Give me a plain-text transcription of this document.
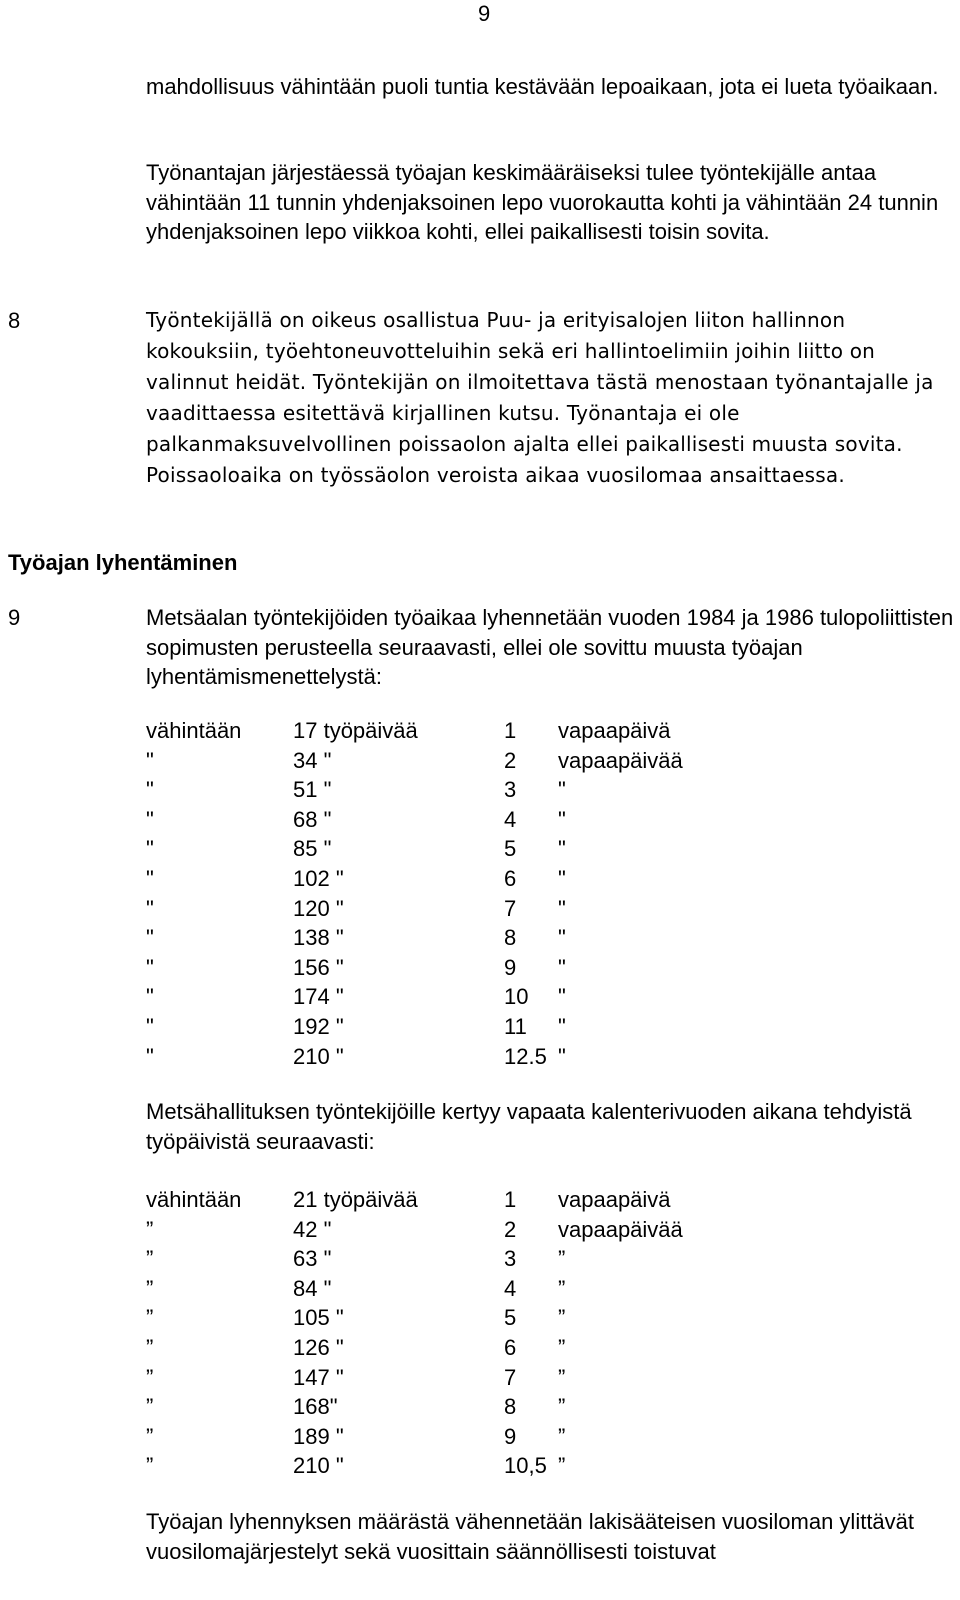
9

mahdollisuus vähintään puoli tuntia kestävään lepoaikaan, jota ei lueta työaikaan.

Työnantajan järjestäessä työajan keskimääräiseksi tulee työntekijälle antaa vähintään 11 tunnin yhdenjaksoinen lepo vuorokautta kohti ja vähintään 24 tunnin yhdenjaksoinen lepo viikkoa kohti, ellei paikallisesti toisin sovita.

8	Työntekijällä on oikeus osallistua Puu- ja erityisalojen liiton hallinnon kokouksiin, työehtoneuvotteluihin sekä eri hallintoelimiin joihin liitto on valinnut heidät. Työntekijän on ilmoitettava tästä menostaan työnantajalle ja vaadittaessa esitettävä kirjallinen kutsu. Työnantaja ei ole palkanmaksuvelvollinen poissaolon ajalta ellei paikallisesti muusta sovita. Poissaoloaika on työssäolon veroista aikaa vuosilomaa ansaittaessa.

Työajan lyhentäminen
9	Metsäalan työntekijöiden työaikaa lyhennetään vuoden 1984 ja 1986 tulopoliittisten sopimusten perusteella seuraavasti, ellei ole sovittu muusta työajan lyhentämismenettelystä:

vähintään 17 työpäivää	1 vapaapäivä
"	34 "	2 vapaapäivää
"	51 "	3 "
"	68 "	4 "
"	85 "	5 "
"	102 "	6 "
"	120 "	7 "
"	138 "	8 "
"	156 "	9 "
"	174 "	10 "
"	192 "	11 "
"	210 "	12.5 "

Metsähallituksen työntekijöille kertyy vapaata kalenterivuoden aikana tehdyistä työpäivistä seuraavasti:

vähintään 21 työpäivää	1 vapaapäivä
”	42 "	2 vapaapäivää
”	63 "	3 ”
”	84 "	4 ”
”	105 "	5 ”
”	126 "	6 ”
”	147 "	7 ”
”	168"	8 ”
”	189 "	9 ”
”	210 "	10,5 ”

Työajan lyhennyksen määrästä vähennetään lakisääteisen vuosiloman ylittävät vuosilomajärjestelyt sekä vuosittain säännöllisesti toistuvat
